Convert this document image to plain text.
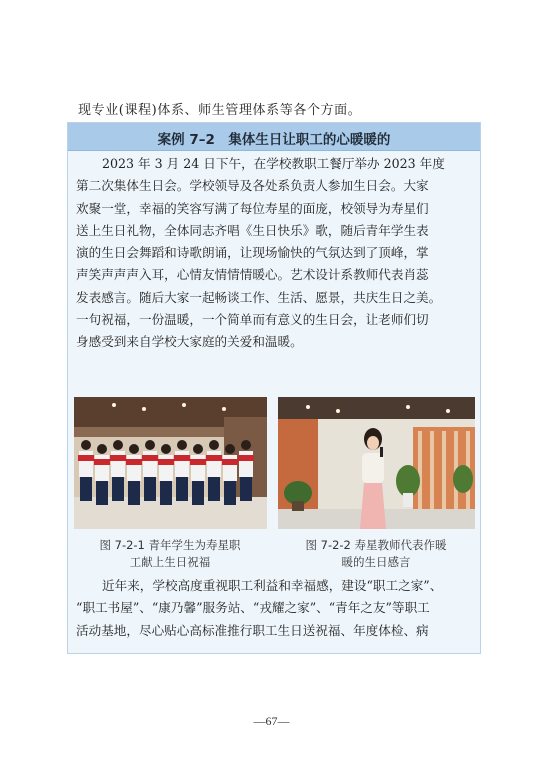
现专业(课程)体系、师生管理体系等各个方面。
案例 7–2　集体生日让职工的心暖暖的
2023 年 3 月 24 日下午，在学校教职工餐厅举办 2023 年度
第二次集体生日会。学校领导及各处系负责人参加生日会。大家
欢聚一堂，幸福的笑容写满了每位寿星的面庞，校领导为寿星们
送上生日礼物，全体同志齐唱《生日快乐》歌，随后青年学生表
演的生日会舞蹈和诗歌朗诵，让现场愉快的气氛达到了顶峰，掌
声笑声声声入耳，心情友情情情暖心。艺术设计系教师代表肖蕊
发表感言。随后大家一起畅谈工作、生活、愿景，共庆生日之美。
一句祝福，一份温暖，一个简单而有意义的生日会，让老师们切
身感受到来自学校大家庭的关爱和温暖。
图 7-2-1 青年学生为寿星职
工献上生日祝福
图 7-2-2 寿星教师代表作暖
暖的生日感言
近年来，学校高度重视职工利益和幸福感，建设“职工之家”、
“职工书屋”、“康乃馨”服务站、“戎耀之家”、“青年之友”等职工
活动基地，尽心贴心高标准推行职工生日送祝福、年度体检、病
—67—
